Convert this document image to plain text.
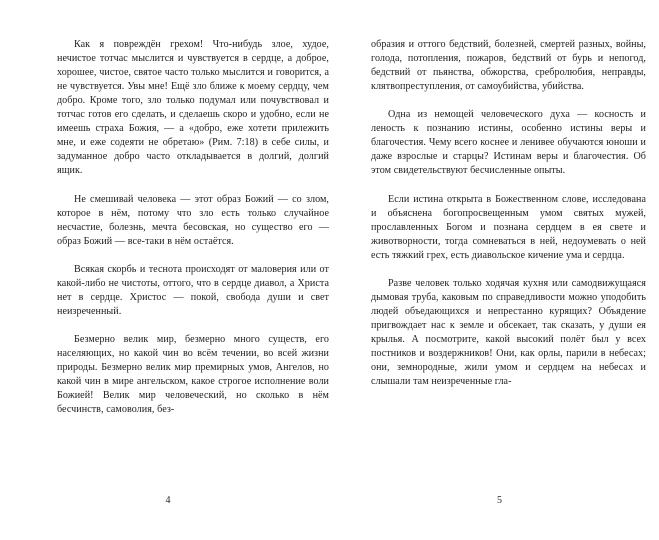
Как я повреждён грехом! Что-нибудь злое, худое, нечистое тотчас мыслится и чувствуется в сердце, а доброе, хорошее, чистое, святое часто только мыслится и говорится, а не чувствуется. Увы мне! Ещё зло ближе к моему сердцу, чем добро. Кроме того, зло только подумал или почувствовал и тотчас готов его сделать, и сделаешь скоро и удобно, если не имеешь страха Божия, — а «добро, еже хотети прилежить мне, и еже содеяти не обретаю» (Рим. 7:18) в себе силы, и задуманное добро часто откладывается в долгий, долгий ящик.

Не смешивай человека — этот образ Божий — со злом, которое в нём, потому что зло есть только случайное несчастие, болезнь, мечта бесовская, но существо его — образ Божий — все-таки в нём остаётся.

Всякая скорбь и теснота происходят от маловерия или от какой-либо не чистоты, оттого, что в сердце диавол, а Христа нет в сердце. Христос — покой, свобода души и свет неизреченный.

Безмерно велик мир, безмерно много существ, его населяющих, но какой чин во всём течении, во всей жизни природы. Безмерно велик мир премирных умов, Ангелов, но какой чин в мире ангельском, какое строгое исполнение воли Божией! Велик мир человеческий, но сколько в нём бесчинств, самоволия, без-

4

образия и оттого бедствий, болезней, смертей разных, войны, голода, потопления, пожаров, бедствий от бурь и непогод, бедствий от пьянства, обжорства, сребролюбия, неправды, клятвопреступления, от самоубийства, убийства.

Одна из немощей человеческого духа — косность и леность к познанию истины, особенно истины веры и благочестия. Чему всего коснее и ленивее обучаются юноши и даже взрослые и старцы? Истинам веры и благочестия. Об этом свидетельствуют бесчисленные опыты.

Если истина открыта в Божественном слове, исследована и объяснена богопросвещенным умом святых мужей, прославленных Богом и познана сердцем в ея свете и животворности, тогда сомневаться в ней, недоумевать о ней есть тяжкий грех, есть диавольское кичение ума и сердца.

Разве человек только ходячая кухня или самодвижущаяся дымовая труба, каковым по справедливости можно уподобить людей объедающихся и непрестанно курящих? Объядение пригвождает нас к земле и обсекает, так сказать, у души ея крылья. А посмотрите, какой высокий полёт был у всех постников и воздержников! Они, как орлы, парили в небесах; они, земнородные, жили умом и сердцем на небесах и слышали там неизреченные гла-

5
